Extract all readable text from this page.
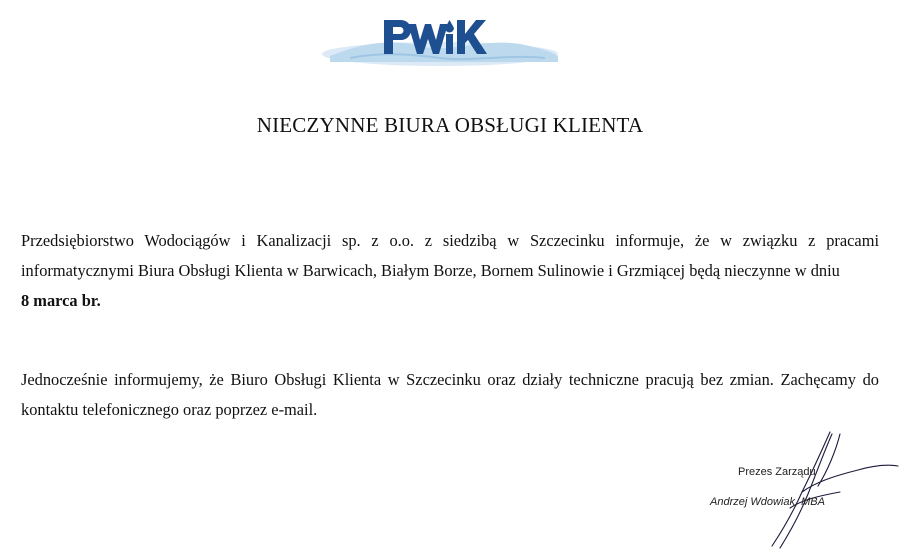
NIECZYNNE BIURA OBSŁUGI KLIENTA
Przedsiębiorstwo Wodociągów i Kanalizacji sp. z o.o. z siedzibą w Szczecinku informuje, że w związku z pracami informatycznymi Biura Obsługi Klienta w Barwicach, Białym Borze, Bornem Sulinowie i Grzmiącej będą nieczynne w dniu
8 marca br.
Jednocześnie informujemy, że Biuro Obsługi Klienta w Szczecinku oraz działy techniczne pracują bez zmian. Zachęcamy do kontaktu telefonicznego oraz poprzez e-mail.
Prezes Zarządu
Andrzej Wdowiak, MBA
